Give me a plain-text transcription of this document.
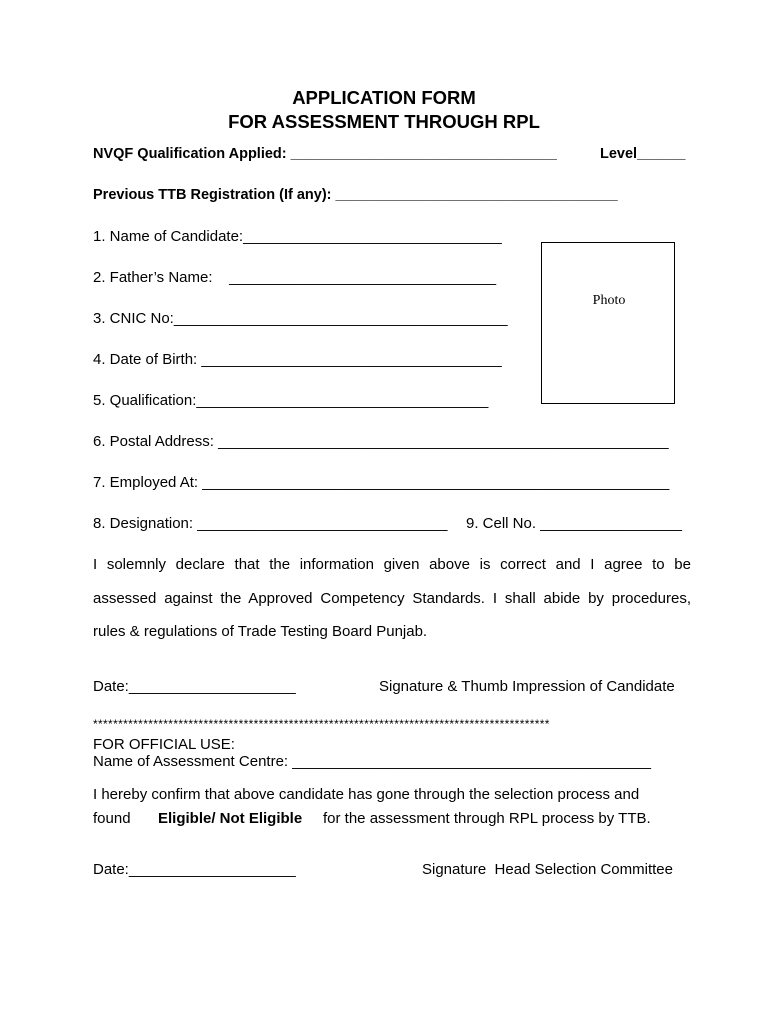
APPLICATION FORM
FOR ASSESSMENT THROUGH RPL
NVQF Qualification Applied: _________________________________	Level______
Previous TTB Registration (If any): ___________________________________
1. Name of Candidate:_______________________________
2. Father’s Name:    ________________________________
3. CNIC No:________________________________________
4. Date of Birth: ____________________________________
5. Qualification:___________________________________
Photo
6. Postal Address: ______________________________________________________
7. Employed At: ________________________________________________________
8. Designation: ______________________________ 9. Cell No. _________________
I solemnly declare that the information given above is correct and I agree to be
assessed against the Approved Competency Standards. I shall abide by procedures,
rules & regulations of Trade Testing Board Punjab.
Date:____________________	Signature & Thumb Impression of Candidate
*******************************************************************************************
FOR OFFICIAL USE:
Name of Assessment Centre: ___________________________________________
I hereby confirm that above candidate has gone through the selection process and
found Eligible/ Not Eligible for the assessment through RPL process by TTB.
Date:____________________	Signature  Head Selection Committee
